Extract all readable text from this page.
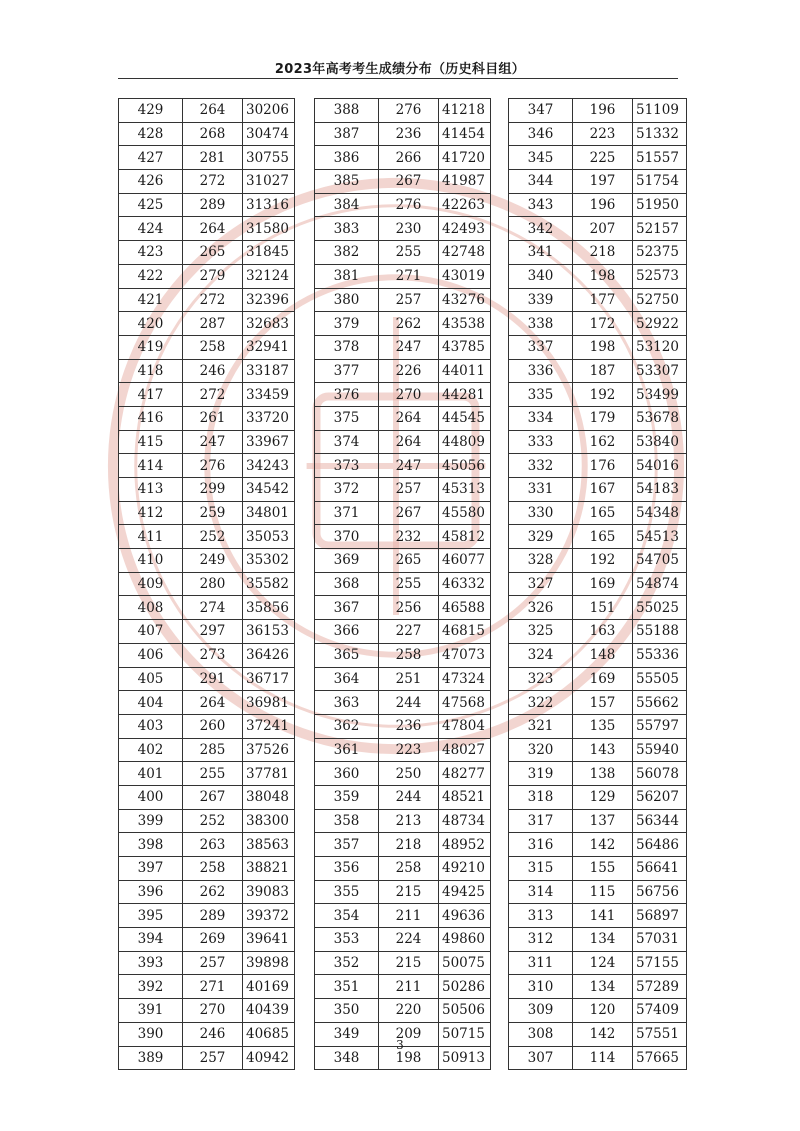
2023年高考考生成绩分布（历史科目组）
429	264	30206
428	268	30474
427	281	30755
426	272	31027
425	289	31316
424	264	31580
423	265	31845
422	279	32124
421	272	32396
420	287	32683
419	258	32941
418	246	33187
417	272	33459
416	261	33720
415	247	33967
414	276	34243
413	299	34542
412	259	34801
411	252	35053
410	249	35302
409	280	35582
408	274	35856
407	297	36153
406	273	36426
405	291	36717
404	264	36981
403	260	37241
402	285	37526
401	255	37781
400	267	38048
399	252	38300
398	263	38563
397	258	38821
396	262	39083
395	289	39372
394	269	39641
393	257	39898
392	271	40169
391	270	40439
390	246	40685
389	257	40942
388	276	41218
387	236	41454
386	266	41720
385	267	41987
384	276	42263
383	230	42493
382	255	42748
381	271	43019
380	257	43276
379	262	43538
378	247	43785
377	226	44011
376	270	44281
375	264	44545
374	264	44809
373	247	45056
372	257	45313
371	267	45580
370	232	45812
369	265	46077
368	255	46332
367	256	46588
366	227	46815
365	258	47073
364	251	47324
363	244	47568
362	236	47804
361	223	48027
360	250	48277
359	244	48521
358	213	48734
357	218	48952
356	258	49210
355	215	49425
354	211	49636
353	224	49860
352	215	50075
351	211	50286
350	220	50506
349	209	50715
348	198	50913
347	196	51109
346	223	51332
345	225	51557
344	197	51754
343	196	51950
342	207	52157
341	218	52375
340	198	52573
339	177	52750
338	172	52922
337	198	53120
336	187	53307
335	192	53499
334	179	53678
333	162	53840
332	176	54016
331	167	54183
330	165	54348
329	165	54513
328	192	54705
327	169	54874
326	151	55025
325	163	55188
324	148	55336
323	169	55505
322	157	55662
321	135	55797
320	143	55940
319	138	56078
318	129	56207
317	137	56344
316	142	56486
315	155	56641
314	115	56756
313	141	56897
312	134	57031
311	124	57155
310	134	57289
309	120	57409
308	142	57551
307	114	57665
3
